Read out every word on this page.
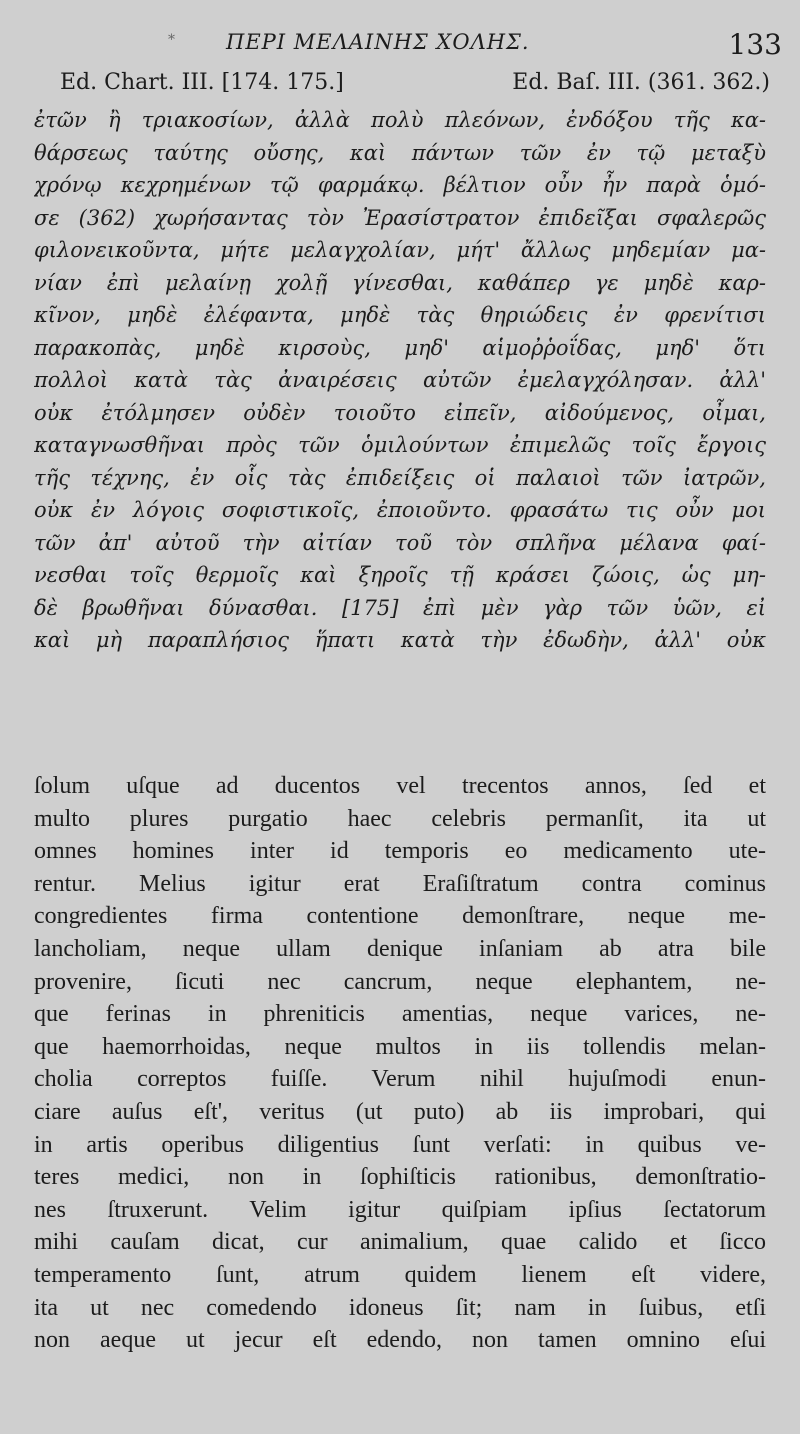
* ΠΕΡΙ ΜΕΛΑΙΝΗΣ ΧΟΛΗΣ.	133
Ed. Chart. III. [174. 175.]	Ed. Baſ. III. (361. 362.)
ἐτῶν ἢ τριακοσίων, ἀλλὰ πολὺ πλεόνων, ἐνδόξου τῆς κα-
θάρσεως ταύτης οὔσης, καὶ πάντων τῶν ἐν τῷ μεταξὺ
χρόνῳ κεχρημένων τῷ φαρμάκῳ. βέλτιον οὖν ἦν παρὰ ὁμό-
σε (362) χωρήσαντας τὸν Ἐρασίστρατον ἐπιδεῖξαι σφαλερῶς
φιλονεικοῦντα, μήτε μελαγχολίαν, μήτ' ἄλλως μηδεμίαν μα-
νίαν ἐπὶ μελαίνῃ χολῇ γίνεσθαι, καθάπερ γε μηδὲ καρ-
κῖνον, μηδὲ ἐλέφαντα, μηδὲ τὰς θηριώδεις ἐν φρενίτισι
παρακοπὰς, μηδὲ κιρσοὺς, μηδ' αἱμοῤῥοΐδας, μηδ' ὅτι
πολλοὶ κατὰ τὰς ἀναιρέσεις αὐτῶν ἐμελαγχόλησαν. ἀλλ'
οὐκ ἐτόλμησεν οὐδὲν τοιοῦτο εἰπεῖν, αἰδούμενος, οἶμαι,
καταγνωσθῆναι πρὸς τῶν ὁμιλούντων ἐπιμελῶς τοῖς ἔργοις
τῆς τέχνης, ἐν οἷς τὰς ἐπιδείξεις οἱ παλαιοὶ τῶν ἰατρῶν,
οὐκ ἐν λόγοις σοφιστικοῖς, ἐποιοῦντο. φρασάτω τις οὖν μοι
τῶν ἀπ' αὐτοῦ τὴν αἰτίαν τοῦ τὸν σπλῆνα μέλανα φαί-
νεσθαι τοῖς θερμοῖς καὶ ξηροῖς τῇ κράσει ζώοις, ὡς μη-
δὲ βρωθῆναι δύνασθαι. [175] ἐπὶ μὲν γὰρ τῶν ὑῶν, εἰ
καὶ μὴ παραπλήσιος ἥπατι κατὰ τὴν ἐδωδὴν, ἀλλ' οὐκ
ſolum uſque ad ducentos vel trecentos annos, ſed et
multo plures purgatio haec celebris permanſit, ita ut
omnes homines inter id temporis eo medicamento ute-
rentur. Melius igitur erat Eraſiſtratum contra cominus
congredientes firma contentione demonſtrare, neque me-
lancholiam, neque ullam denique inſaniam ab atra bile
provenire, ſicuti nec cancrum, neque elephantem, ne-
que ferinas in phreniticis amentias, neque varices, ne-
que haemorrhoidas, neque multos in iis tollendis melan-
cholia correptos fuiſſe. Verum nihil hujuſmodi enun-
ciare auſus eſt', veritus (ut puto) ab iis improbari, qui
in artis operibus diligentius ſunt verſati: in quibus ve-
teres medici, non in ſophiſticis rationibus, demonſtratio-
nes ſtruxerunt. Velim igitur quiſpiam ipſius ſectatorum
mihi cauſam dicat, cur animalium, quae calido et ſicco
temperamento ſunt, atrum quidem lienem eſt videre,
ita ut nec comedendo idoneus ſit; nam in ſuibus, etſi
non aeque ut jecur eſt edendo, non tamen omnino eſui
